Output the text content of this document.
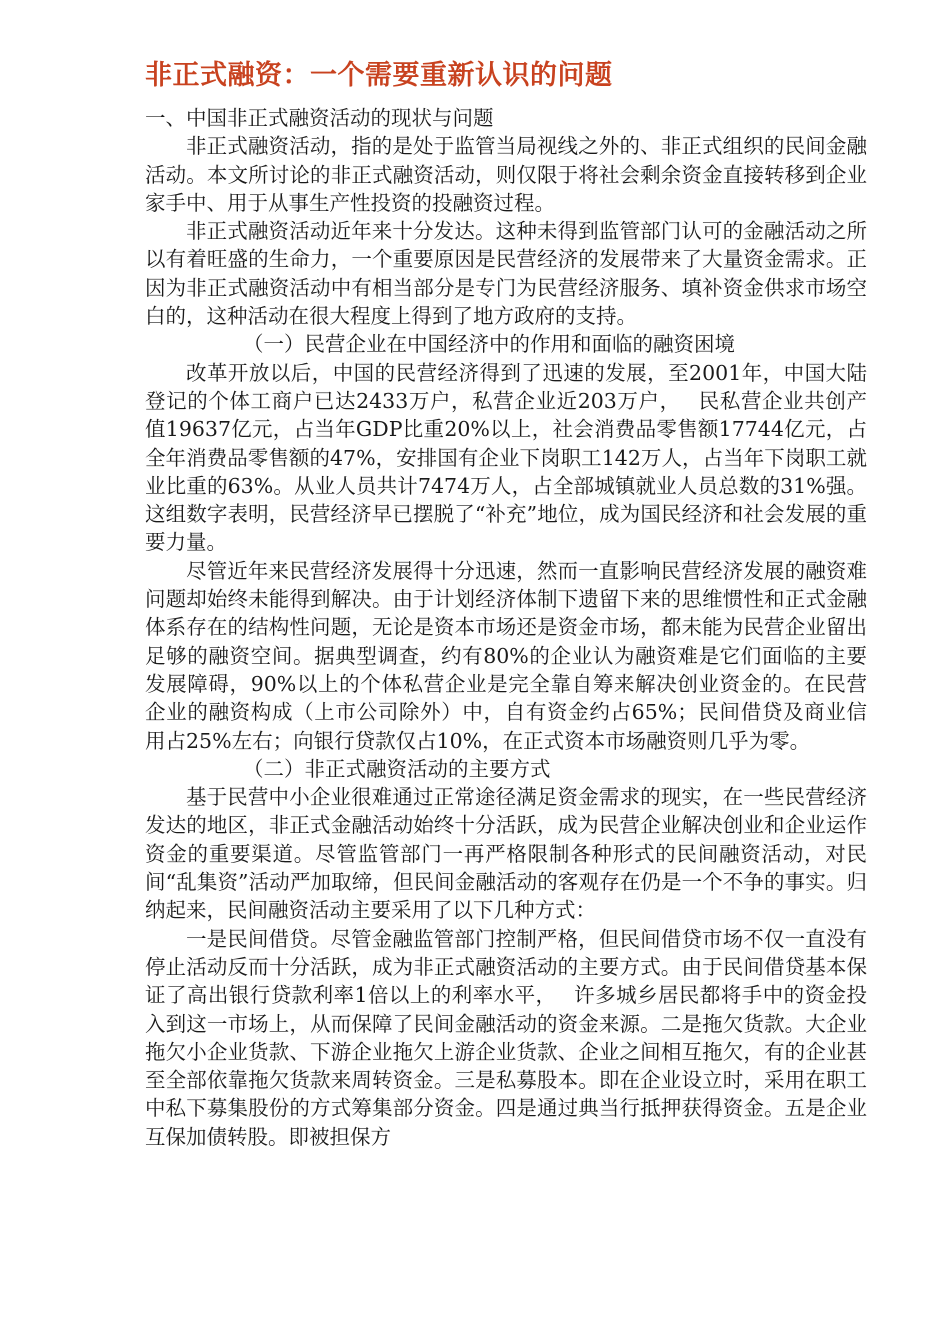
非正式融资：一个需要重新认识的问题
一、中国非正式融资活动的现状与问题
非正式融资活动，指的是处于监管当局视线之外的、非正式组织的民间金融活动。本文所讨论的非正式融资活动，则仅限于将社会剩余资金直接转移到企业家手中、用于从事生产性投资的投融资过程。
非正式融资活动近年来十分发达。这种未得到监管部门认可的金融活动之所以有着旺盛的生命力，一个重要原因是民营经济的发展带来了大量资金需求。正因为非正式融资活动中有相当部分是专门为民营经济服务、填补资金供求市场空白的，这种活动在很大程度上得到了地方政府的支持。
（一）民营企业在中国经济中的作用和面临的融资困境
改革开放以后，中国的民营经济得到了迅速的发展，至2001年，中国大陆登记的个体工商户已达2433万户，私营企业近203万户，　 民私营企业共创产值19637亿元，占当年GDP比重20%以上，社会消费品零售额17744亿元，占全年消费品零售额的47%，安排国有企业下岗职工142万人，占当年下岗职工就业比重的63%。从业人员共计7474万人，占全部城镇就业人员总数的31%强。这组数字表明，民营经济早已摆脱了“补充”地位，成为国民经济和社会发展的重要力量。
尽管近年来民营经济发展得十分迅速，然而一直影响民营经济发展的融资难问题却始终未能得到解决。由于计划经济体制下遗留下来的思维惯性和正式金融体系存在的结构性问题，无论是资本市场还是资金市场，都未能为民营企业留出足够的融资空间。据典型调查，约有80%的企业认为融资难是它们面临的主要发展障碍，90%以上的个体私营企业是完全靠自筹来解决创业资金的。在民营企业的融资构成（上市公司除外）中，自有资金约占65%；民间借贷及商业信用占25%左右；向银行贷款仅占10%，在正式资本市场融资则几乎为零。
（二）非正式融资活动的主要方式
基于民营中小企业很难通过正常途径满足资金需求的现实，在一些民营经济发达的地区，非正式金融活动始终十分活跃，成为民营企业解决创业和企业运作资金的重要渠道。尽管监管部门一再严格限制各种形式的民间融资活动，对民间“乱集资”活动严加取缔，但民间金融活动的客观存在仍是一个不争的事实。归纳起来，民间融资活动主要采用了以下几种方式：
一是民间借贷。尽管金融监管部门控制严格，但民间借贷市场不仅一直没有停止活动反而十分活跃，成为非正式融资活动的主要方式。由于民间借贷基本保证了高出银行贷款利率1倍以上的利率水平，　 许多城乡居民都将手中的资金投入到这一市场上，从而保障了民间金融活动的资金来源。二是拖欠货款。大企业拖欠小企业货款、下游企业拖欠上游企业货款、企业之间相互拖欠，有的企业甚至全部依靠拖欠货款来周转资金。三是私募股本。即在企业设立时，采用在职工中私下募集股份的方式筹集部分资金。四是通过典当行抵押获得资金。五是企业互保加债转股。即被担保方
